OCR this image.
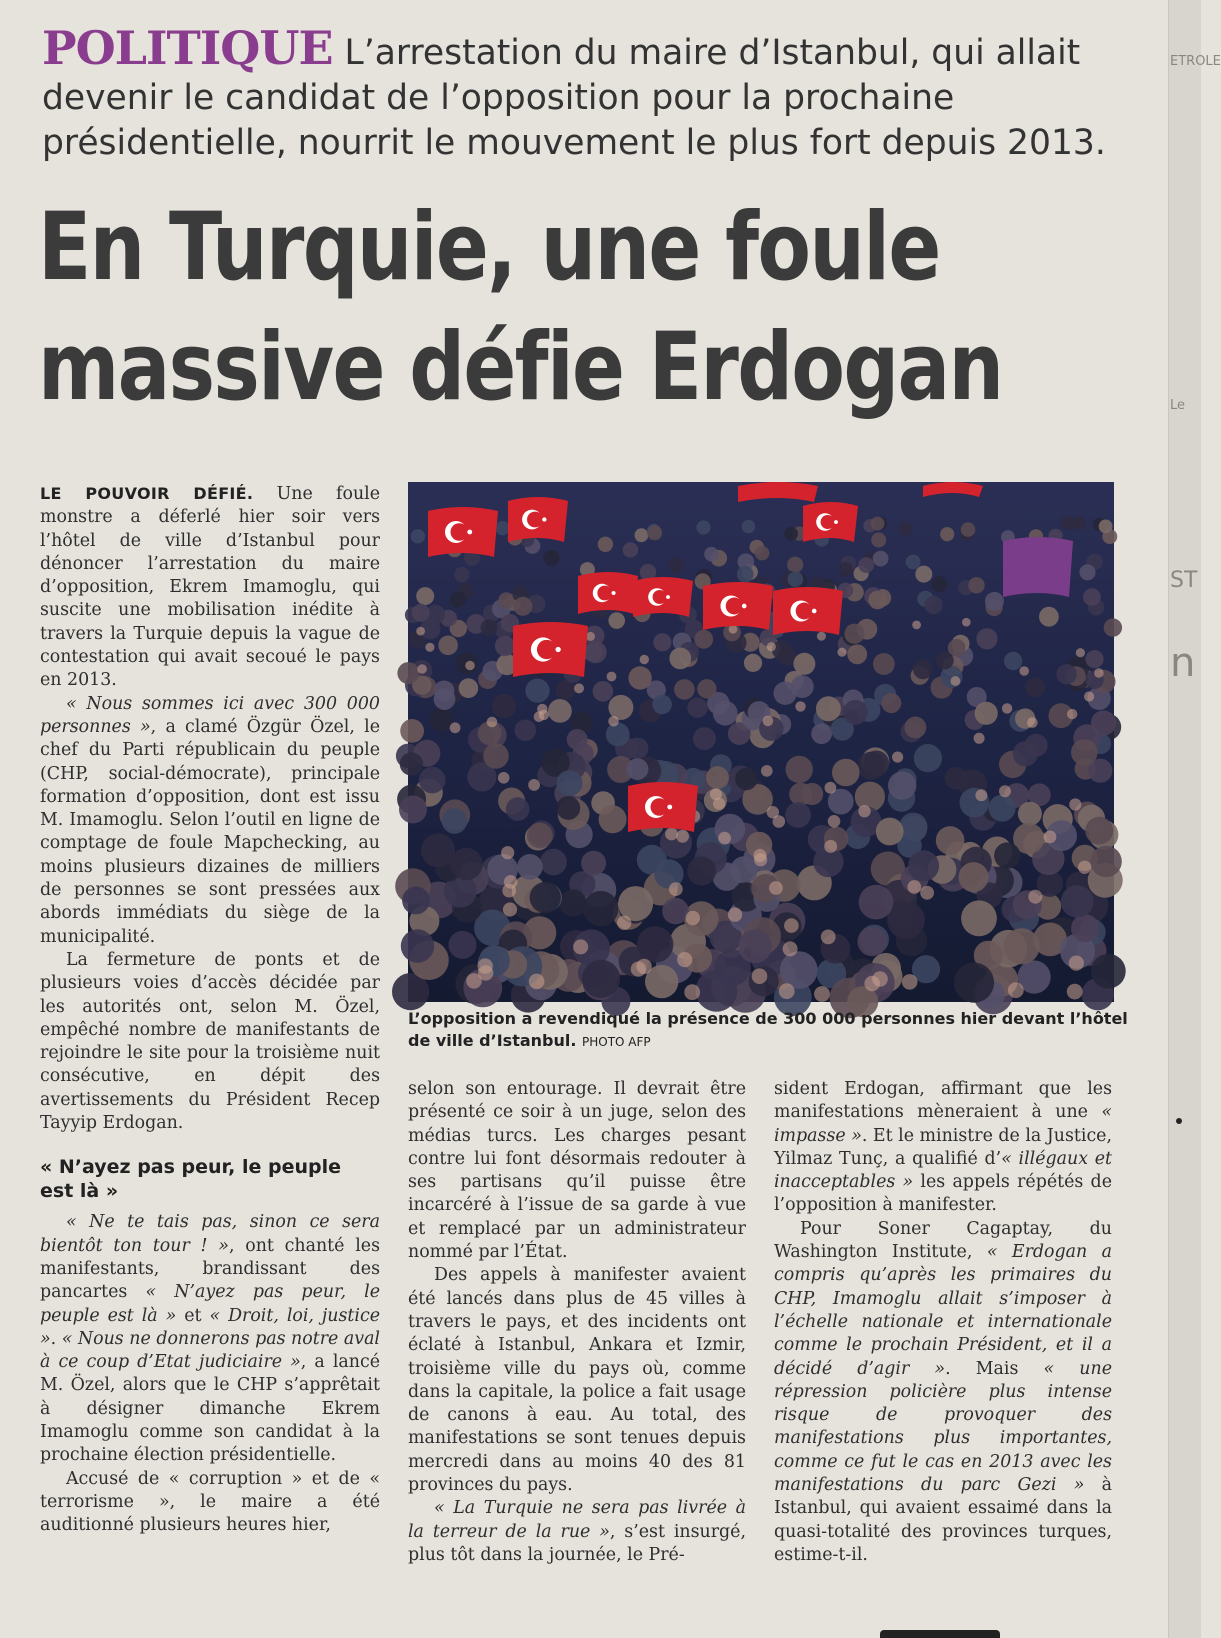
ETROLE
Le
ST
n
POLITIQUE L’arrestation du maire d’Istanbul, qui allait devenir le candidat de l’opposition pour la prochaine présidentielle, nourrit le mouvement le plus fort depuis 2013.
En Turquie, une foule
massive défie Erdogan

LE POUVOIR DÉFIÉ. Une foule monstre a déferlé hier soir vers l’hôtel de ville d’Istanbul pour dénoncer l’arrestation du maire d’opposition, Ekrem Imamoglu, qui suscite une mobilisation inédite à travers la Turquie depuis la vague de contestation qui avait secoué le pays en 2013.

« Nous sommes ici avec 300 000 personnes », a clamé Özgür Özel, le chef du Parti républicain du peuple (CHP, social-démocrate), principale formation d’opposition, dont est issu M. Imamoglu. Selon l’outil en ligne de comptage de foule Mapchecking, au moins plusieurs dizaines de milliers de personnes se sont pressées aux abords immédiats du siège de la municipalité.

La fermeture de ponts et de plusieurs voies d’accès décidée par les autorités ont, selon M. Özel, empêché nombre de manifestants de rejoindre le site pour la troisième nuit consécutive, en dépit des avertissements du Président Recep Tayyip Erdogan.

« N’ayez pas peur, le peuple est là »

« Ne te tais pas, sinon ce sera bientôt ton tour ! », ont chanté les manifestants, brandissant des pancartes « N’ayez pas peur, le peuple est là » et « Droit, loi, justice ». « Nous ne donnerons pas notre aval à ce coup d’Etat judiciaire », a lancé M. Özel, alors que le CHP s’apprêtait à désigner dimanche Ekrem Imamoglu comme son candidat à la prochaine élection présidentielle.

Accusé de « corruption » et de « terrorisme », le maire a été auditionné plusieurs heures hier,

L’opposition a revendiqué la présence de 300 000 personnes hier devant l’hôtel de ville d’Istanbul. PHOTO AFP

selon son entourage. Il devrait être présenté ce soir à un juge, selon des médias turcs. Les charges pesant contre lui font désormais redouter à ses partisans qu’il puisse être incarcéré à l’issue de sa garde à vue et remplacé par un administrateur nommé par l’État.

Des appels à manifester avaient été lancés dans plus de 45 villes à travers le pays, et des incidents ont éclaté à Istanbul, Ankara et Izmir, troisième ville du pays où, comme dans la capitale, la police a fait usage de canons à eau. Au total, des manifestations se sont tenues depuis mercredi dans au moins 40 des 81 provinces du pays.

« La Turquie ne sera pas livrée à la terreur de la rue », s’est insurgé, plus tôt dans la journée, le Pré-

sident Erdogan, affirmant que les manifestations mèneraient à une « impasse ». Et le ministre de la Justice, Yilmaz Tunç, a qualifié d’« illégaux et inacceptables » les appels répétés de l’opposition à manifester.

Pour Soner Cagaptay, du Washington Institute, « Erdogan a compris qu’après les primaires du CHP, Imamoglu allait s’imposer à l’échelle nationale et internationale comme le prochain Président, et il a décidé d’agir ». Mais « une répression policière plus intense risque de provoquer des manifestations plus importantes, comme ce fut le cas en 2013 avec les manifestations du parc Gezi » à Istanbul, qui avaient essaimé dans la quasi-totalité des provinces turques, estime-t-il.
